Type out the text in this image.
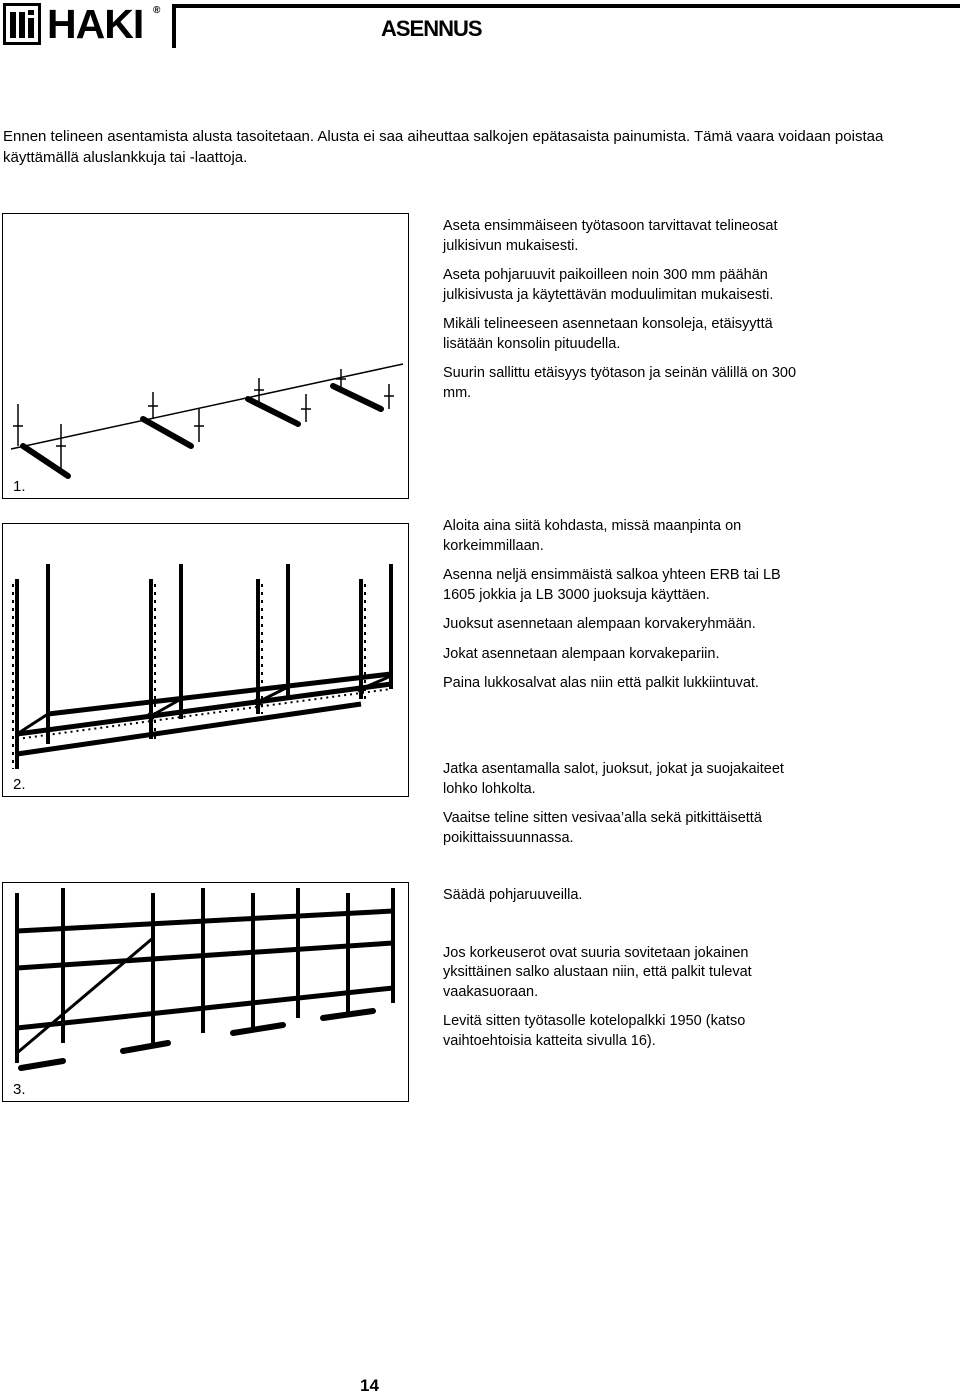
HAKI ®
ASENNUS
Ennen telineen asentamista alusta tasoitetaan. Alusta ei saa aiheuttaa salkojen epätasaista painumista. Tämä vaara voidaan poistaa käyttämällä aluslankkuja tai -laattoja.
1.
2.
3.

Aseta ensimmäiseen työtasoon tarvittavat telineosat julkisivun mukaisesti.

Aseta pohjaruuvit paikoilleen noin 300 mm päähän julkisivusta ja käytettävän moduulimitan mukaisesti.

Mikäli telineeseen asennetaan konsoleja, etäisyyttä lisätään konsolin pituudella.

Suurin sallittu etäisyys työtason ja seinän välillä on 300 mm.

Aloita aina siitä kohdasta, missä maanpinta on korkeimmillaan.

Asenna neljä ensimmäistä salkoa yhteen ERB tai LB 1605 jokkia ja LB 3000 juoksuja käyttäen.

Juoksut asennetaan alempaan korvakeryhmään.

Jokat asennetaan alempaan korvakepariin.

Paina lukkosalvat alas niin että palkit lukkiintuvat.

Jatka asentamalla salot, juoksut, jokat ja suojakaiteet lohko lohkolta.

Vaaitse teline sitten vesivaa’alla sekä pitkittäisettä poikittaissuunnassa.

Säädä pohjaruuveilla.

Jos korkeuserot ovat suuria sovitetaan jokainen yksittäinen salko alustaan niin, että palkit tulevat vaakasuoraan.

Levitä sitten työtasolle kotelopalkki 1950 (katso vaihtoehtoisia katteita sivulla 16).

14
